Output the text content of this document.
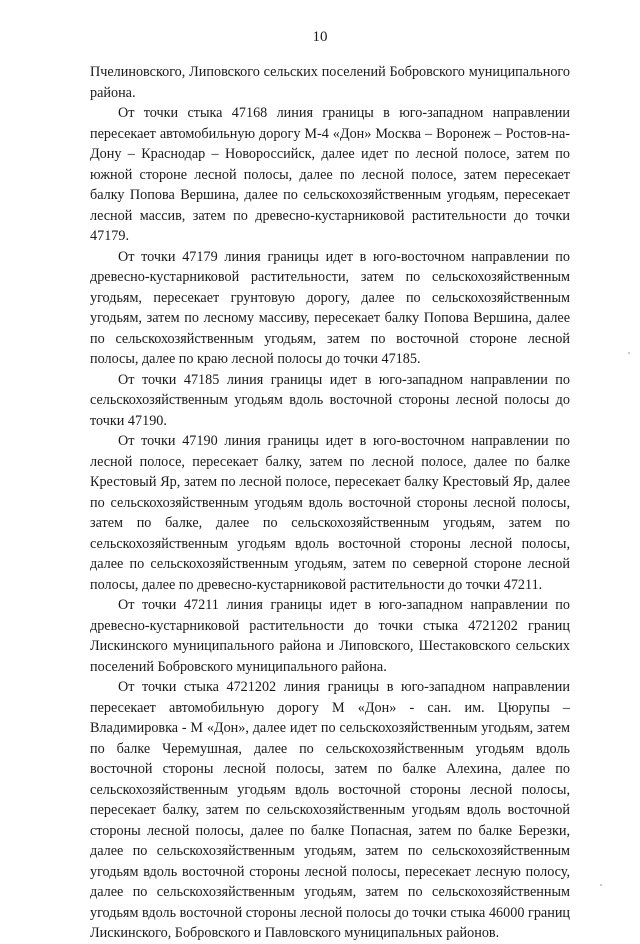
10

Пчелиновского, Липовского сельских поселений Бобровского муниципального района.

От точки стыка 47168 линия границы в юго-западном направлении пересекает автомобильную дорогу М-4 «Дон» Москва – Воронеж – Ростов-на-Дону – Краснодар – Новороссийск, далее идет по лесной полосе, затем по южной стороне лесной полосы, далее по лесной полосе, затем пересекает балку Попова Вершина, далее по сельскохозяйственным угодьям, пересекает лесной массив, затем по древесно-кустарниковой растительности до точки 47179.

От точки 47179 линия границы идет в юго-восточном направлении по древесно-кустарниковой растительности, затем по сельскохозяйственным угодьям, пересекает грунтовую дорогу, далее по сельскохозяйственным угодьям, затем по лесному массиву, пересекает балку Попова Вершина, далее по сельскохозяйственным угодьям, затем по восточной стороне лесной полосы, далее по краю лесной полосы до точки 47185.

От точки 47185 линия границы идет в юго-западном направлении по сельскохозяйственным угодьям вдоль восточной стороны лесной полосы до точки 47190.

От точки 47190 линия границы идет в юго-восточном направлении по лесной полосе, пересекает балку, затем по лесной полосе, далее по балке Крестовый Яр, затем по лесной полосе, пересекает балку Крестовый Яр, далее по сельскохозяйственным угодьям вдоль восточной стороны лесной полосы, затем по балке, далее по сельскохозяйственным угодьям, затем по сельскохозяйственным угодьям вдоль восточной стороны лесной полосы, далее по сельскохозяйственным угодьям, затем по северной стороне лесной полосы, далее по древесно-кустарниковой растительности до точки 47211.

От точки 47211 линия границы идет в юго-западном направлении по древесно-кустарниковой растительности до точки стыка 4721202 границ Лискинского муниципального района и Липовского, Шестаковского сельских поселений Бобровского муниципального района.

От точки стыка 4721202 линия границы в юго-западном направлении пересекает автомобильную дорогу М «Дон» - сан. им. Цюрупы – Владимировка - М «Дон», далее идет по сельскохозяйственным угодьям, затем по балке Черемушная, далее по сельскохозяйственным угодьям вдоль восточной стороны лесной полосы, затем по балке Алехина, далее по сельскохозяйственным угодьям вдоль восточной стороны лесной полосы, пересекает балку, затем по сельскохозяйственным угодьям вдоль восточной стороны лесной полосы, далее по балке Попасная, затем по балке Березки, далее по сельскохозяйственным угодьям, затем по сельскохозяйственным угодьям вдоль восточной стороны лесной полосы, пересекает лесную полосу, далее по сельскохозяйственным угодьям, затем по сельскохозяйственным угодьям вдоль восточной стороны лесной полосы до точки стыка 46000 границ Лискинского, Бобровского и Павловского муниципальных районов.
